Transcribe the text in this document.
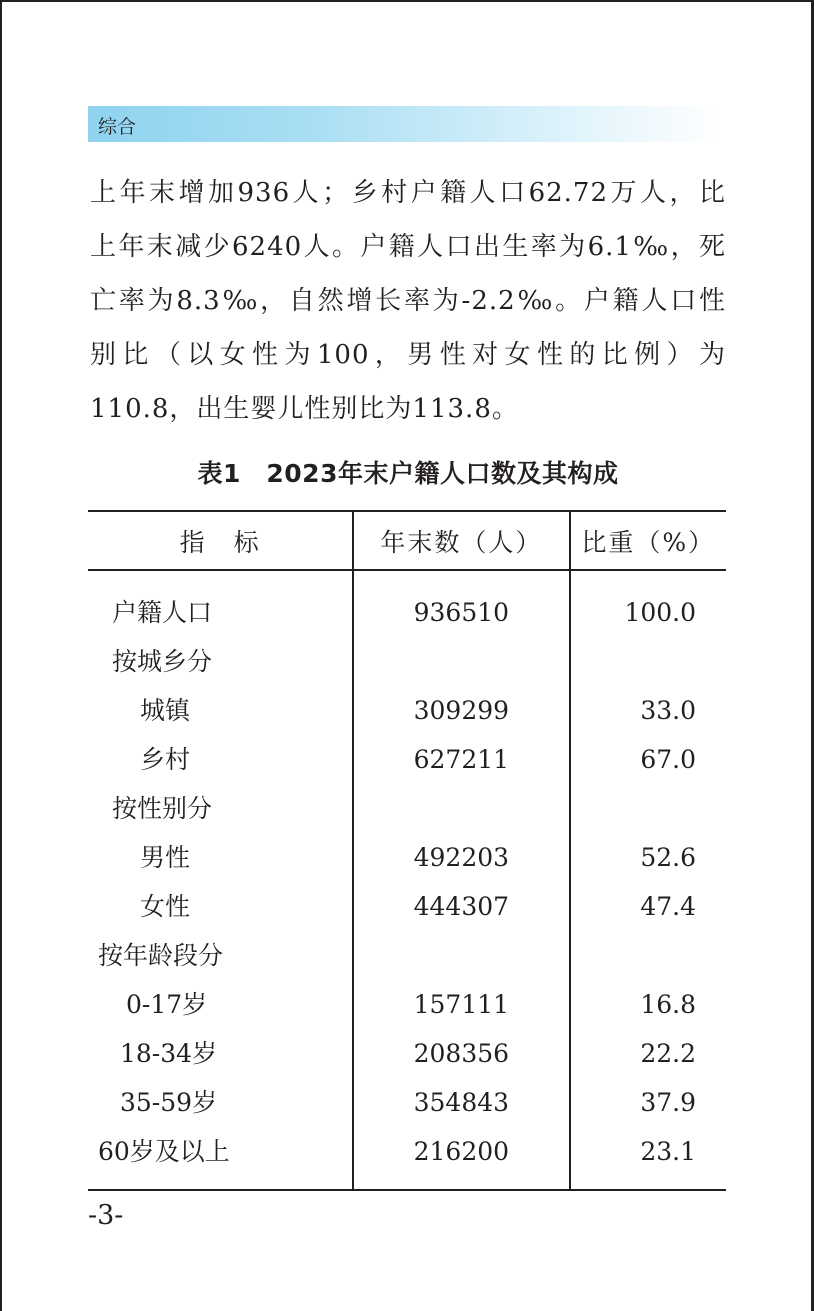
综合
上年末增加936人；乡村户籍人口62.72万人，比
上年末减少6240人。户籍人口出生率为6.1‰，死
亡率为8.3‰，自然增长率为-2.2‰。户籍人口性
别比（以女性为100，男性对女性的比例）为
110.8，出生婴儿性别比为113.8。
表1　2023年末户籍人口数及其构成
指　标	年末数（人）	比重（%）
户籍人口
按城乡分
城镇
乡村
按性别分
男性
女性
按年龄段分
0-17岁
18-34岁
35-59岁
60岁及以上
936510
309299
627211
492203
444307
157111
208356
354843
216200
100.0
33.0
67.0
52.6
47.4
16.8
22.2
37.9
23.1
-3-
